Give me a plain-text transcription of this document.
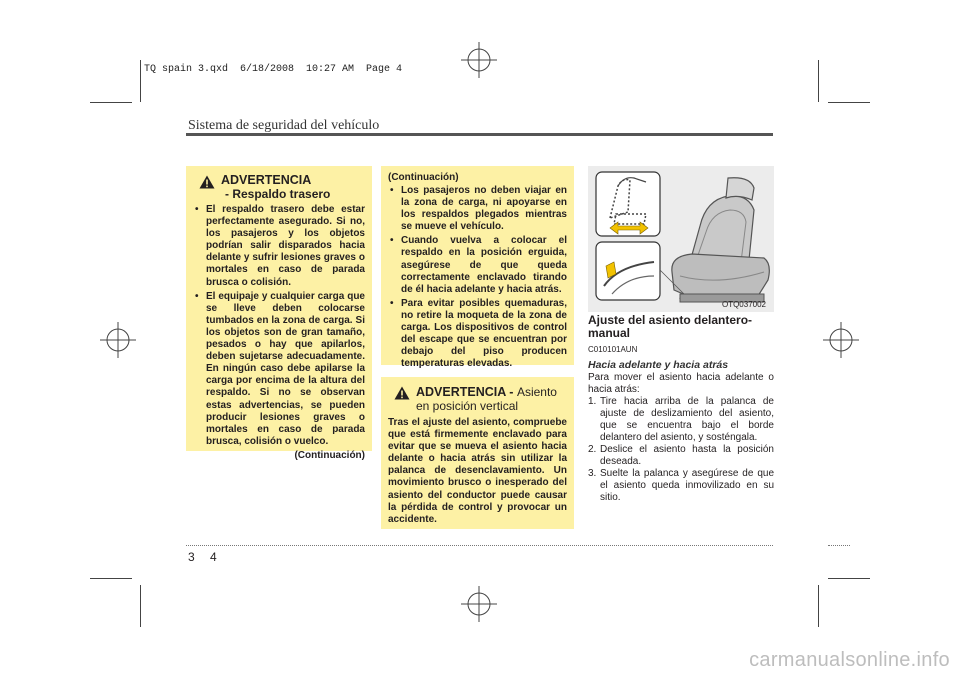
TQ spain 3.qxd  6/18/2008  10:27 AM  Page 4
Sistema de seguridad del vehículo
ADVERTENCIA
- Respaldo trasero
• El respaldo trasero debe estar perfectamente asegurado. Si no, los pasajeros y los objetos podrían salir disparados hacia delante y sufrir lesiones graves o mortales en caso de parada brusca o colisión.
• El equipaje y cualquier carga que se lleve deben colocarse tumbados en la zona de carga. Si los objetos son de gran tamaño, pesados o hay que apilarlos, deben sujetarse adecuadamente. En ningún caso debe apilarse la carga por encima de la altura del respaldo. Si no se observan estas advertencias, se pueden producir lesiones graves o mortales en caso de parada brusca, colisión o vuelco.
(Continuación)
(Continuación)
• Los pasajeros no deben viajar en la zona de carga, ni apoyarse en los respaldos plegados mientras se mueve el vehículo.
• Cuando vuelva a colocar el respaldo en la posición erguida, asegúrese de que queda correctamente enclavado tirando de él hacia adelante y hacia atrás.
• Para evitar posibles quemaduras, no retire la moqueta de la zona de carga. Los dispositivos de control del escape que se encuentran por debajo del piso producen temperaturas elevadas.
ADVERTENCIA - Asiento
en posición vertical
Tras el ajuste del asiento, compruebe que está firmemente enclavado para evitar que se mueva el asiento hacia delante o hacia atrás sin utilizar la palanca de desenclavamiento. Un movimiento brusco o inesperado del asiento del conductor puede causar la pérdida de control y provocar un accidente.
OTQ037002
Ajuste del asiento delantero-manual
C010101AUN
Hacia adelante y hacia atrás
Para mover el asiento hacia adelante o hacia atrás:
1. Tire hacia arriba de la palanca de ajuste de deslizamiento del asiento, que se encuentra bajo el borde delantero del asiento, y sosténgala.
2. Deslice el asiento hasta la posición deseada.
3. Suelte la palanca y asegúrese de que el asiento queda inmovilizado en su sitio.
3 4
carmanualsonline.info
